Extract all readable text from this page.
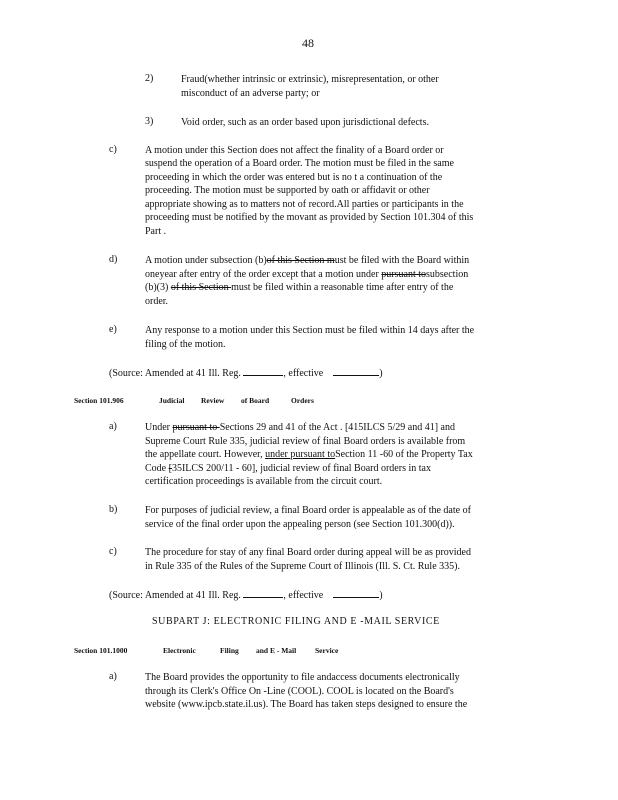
48
2)	Fraud(whether intrinsic or extrinsic), misrepresentation, or other
misconduct of an adverse party; or
3)	Void order, such as an order based upon jurisdictional defects.
c)	A motion under this Section does not affect the finality of a Board order or
suspend the operation of a Board order. The motion must be filed in the same
proceeding in which the order was entered but is no t a continuation of the
proceeding. The motion must be supported by oath or affidavit or other
appropriate showing as to matters not of record.All parties or participants in the
proceeding must be notified by the movant as provided by Section 101.304 of this
Part .
d)	A motion under subsection (b)of this Section must be filed with the Board within
oneyear after entry of the order except that a motion under pursuant tosubsection
(b)(3) of this Section must be filed within a reasonable time after entry of the
order.
e)	Any response to a motion under this Section must be filed within 14 days after the
filing of the motion.
(Source: Amended at 41 Ill. Reg.	, effective	)
Section 101.906	Judicial Review of Board	Orders
a)	Under pursuant to Sections 29 and 41 of the Act . [415ILCS 5/29 and 41] and
Supreme Court Rule 335, judicial review of final Board orders is available from
the appellate court. However, under pursuant toSection 11 -60 of the Property Tax
Code [35ILCS 200/11 - 60], judicial review of final Board orders in tax
certification proceedings is available from the circuit court.
b)	For purposes of judicial review, a final Board order is appealable as of the date of
service of the final order upon the appealing person (see Section 101.300(d)).
c)	The procedure for stay of any final Board order during appeal will be as provided
in Rule 335 of the Rules of the Supreme Court of Illinois (Ill. S. Ct. Rule 335).
(Source: Amended at 41 Ill. Reg.	, effective	)
SUBPART J: ELECTRONIC FILING AND E -MAIL SERVICE
Section 101.1000	Electronic	Filing and E - Mail	Service
a)	The Board provides the opportunity to file andaccess documents electronically
through its Clerk's Office On -Line (COOL). COOL is located on the Board's
website (www.ipcb.state.il.us). The Board has taken steps designed to ensure the
